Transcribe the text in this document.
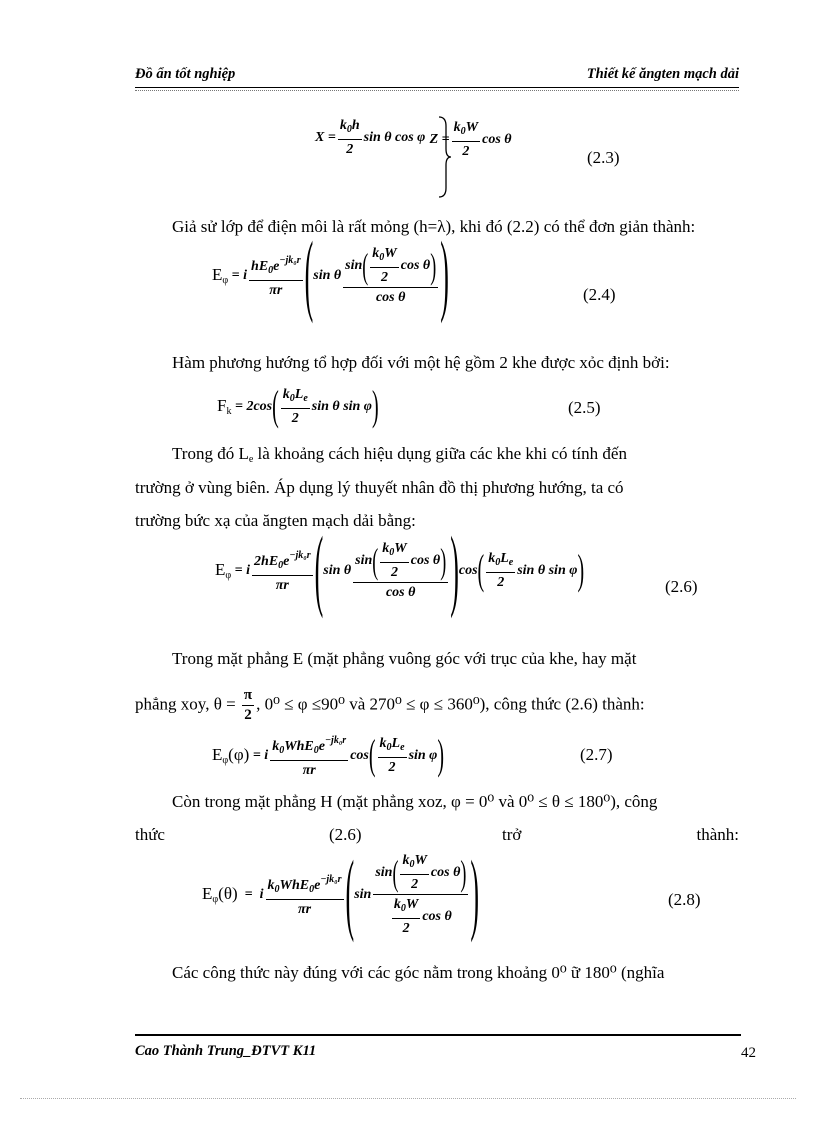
Đồ ẩn tốt nghiệp	Thiết kế ăngten mạch dải
$X = \frac{k_0h}{2}$ sin θ cos φ $Z = \frac{k_0W}{2}$ cos θ
(2.3)
Giả sử lớp để điện môi là rất mỏng (h=λ), khi đó (2.2) có thể đơn giản thành:
$E_\varphi = i \frac{hE_0e^{-jk_0r}}{\pi r}$ ( sin θ $\frac{\sin ( \frac{k_0W}{2} \cos \theta )}{\text{cos θ}}$ )	(2.4)
Hàm phương hướng tổ hợp đối với một hệ gồm 2 khe được xỏc định bởi:
$F_k = 2\cos$ ( $\frac{k_0L_e}{2}$ sin θ sin φ )	(2.5)
Trong đó $L_e$ là khoảng cách hiệu dụng giữa các khe khi có tính đến
trường ở vùng biên. Áp dụng lý thuyết nhân đồ thị phương hướng, ta có
trường bức xạ của ăngten mạch dải bằng:
$E_\varphi = i \frac{2hE_0e^{-jk_0r}}{\pi r}$ ( sin θ $\frac{\sin ( \frac{k_0W}{2} \cos \theta )}{\text{cos θ}}$ ) cos ( $\frac{k_0L_e}{2}$ sin θ sin φ )	(2.6)
Trong mặt phẳng E (mặt phẳng vuông góc với trục của khe, hay mặt
phẳng xoy, $\theta = \frac{\pi}{2}$ , 0⁰ ≤ φ ≤90⁰ và 270⁰ ≤ φ ≤ 360⁰), công thức (2.6) thành:
$E_\varphi(\varphi) = i \frac{k_0WhE_0e^{-jk_0r}}{\pi r}$ cos ( $\frac{k_0L_e}{2}$ sin φ )	(2.7)
Còn trong mặt phẳng H (mặt phẳng xoz, φ = 0⁰ và 0⁰ ≤ θ ≤ 180⁰), công
thức	(2.6)	trở	thành:
$E_\varphi(\theta) = i \frac{k_0WhE_0e^{-jk_0r}}{\pi r}$ ( $\sin \frac{\sin ( \frac{k_0W}{2} \cos \theta )}{\frac{k_0W}{2} \cos \theta}$ )	(2.8)
Các công thức này đúng với các góc nằm trong khoảng 0⁰ ữ 180⁰ (nghĩa
Cao Thành Trung_ĐTVT K11	42
